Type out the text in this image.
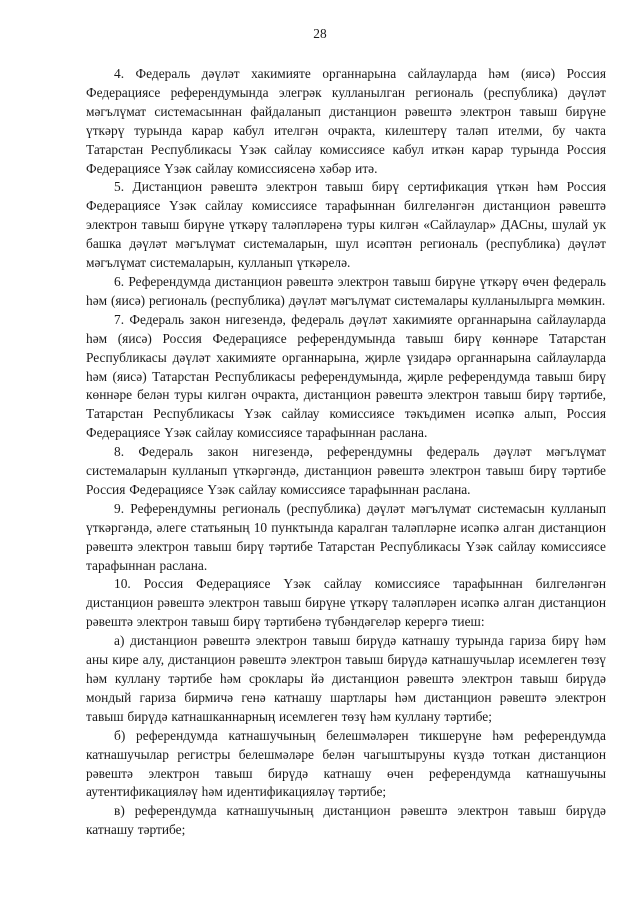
28

4. Федераль дәүләт хакимияте органнарына сайлауларда һәм (яисә) Россия Федерациясе референдумында элегрәк кулланылган региональ (республика) дәүләт мәгълүмат системасыннан файдаланып дистанцион рәвештә электрон тавыш бирүне үткәрү турында карар кабул ителгән очракта, килештерү таләп ителми, бу чакта Татарстан Республикасы Үзәк сайлау комиссиясе кабул иткән карар турында Россия Федерациясе Үзәк сайлау комиссиясенә хәбәр итә.

5. Дистанцион рәвештә электрон тавыш бирү сертификация үткән һәм Россия Федерациясе Үзәк сайлау комиссиясе тарафыннан билгеләнгән дистанцион рәвештә электрон тавыш бирүне үткәрү таләпләренә туры килгән «Сайлаулар» ДАСны, шулай ук башка дәүләт мәгълүмат системаларын, шул исәптән региональ (республика) дәүләт мәгълүмат системаларын, кулланып үткәрелә.

6. Референдумда дистанцион рәвештә электрон тавыш бирүне үткәрү өчен федераль һәм (яисә) региональ (республика) дәүләт мәгълүмат системалары кулланылырга мөмкин.

7. Федераль закон нигезендә, федераль дәүләт хакимияте органнарына сайлауларда һәм (яисә) Россия Федерациясе референдумында тавыш бирү көннәре Татарстан Республикасы дәүләт хакимияте органнарына, җирле үзидарә органнарына сайлауларда һәм (яисә) Татарстан Республикасы референдумында, җирле референдумда тавыш бирү көннәре белән туры килгән очракта, дистанцион рәвештә электрон тавыш бирү тәртибе, Татарстан Республикасы Үзәк сайлау комиссиясе тәкъдимен исәпкә алып, Россия Федерациясе Үзәк сайлау комиссиясе тарафыннан раслана.

8. Федераль закон нигезендә, референдумны федераль дәүләт мәгълүмат системаларын кулланып үткәргәндә, дистанцион рәвештә электрон тавыш бирү тәртибе Россия Федерациясе Үзәк сайлау комиссиясе тарафыннан раслана.

9. Референдумны региональ (республика) дәүләт мәгълүмат системасын кулланып үткәргәндә, әлеге статьяның 10 пунктында каралган таләпләрне исәпкә алган дистанцион рәвештә электрон тавыш бирү тәртибе Татарстан Республикасы Үзәк сайлау комиссиясе тарафыннан раслана.

10. Россия Федерациясе Үзәк сайлау комиссиясе тарафыннан билгеләнгән дистанцион рәвештә электрон тавыш бирүне үткәрү таләпләрен исәпкә алган дистанцион рәвештә электрон тавыш бирү тәртибенә түбәндәгеләр керергә тиеш:

а) дистанцион рәвештә электрон тавыш бирүдә катнашу турында гариза бирү һәм аны кире алу, дистанцион рәвештә электрон тавыш бирүдә катнашучылар исемлеген төзү һәм куллану тәртибе һәм сроклары йә дистанцион рәвештә электрон тавыш бирүдә мондый гариза бирмичә генә катнашу шартлары һәм дистанцион рәвештә электрон тавыш бирүдә катнашканнарның исемлеген төзү һәм куллану тәртибе;

б) референдумда катнашучының белешмәләрен тикшерүне һәм референдумда катнашучылар регистры белешмәләре белән чагыштыруны күздә тоткан дистанцион рәвештә электрон тавыш бирүдә катнашу өчен референдумда катнашучыны аутентификацияләү һәм идентификацияләү тәртибе;

в) референдумда катнашучының дистанцион рәвештә электрон тавыш бирүдә катнашу тәртибе;
